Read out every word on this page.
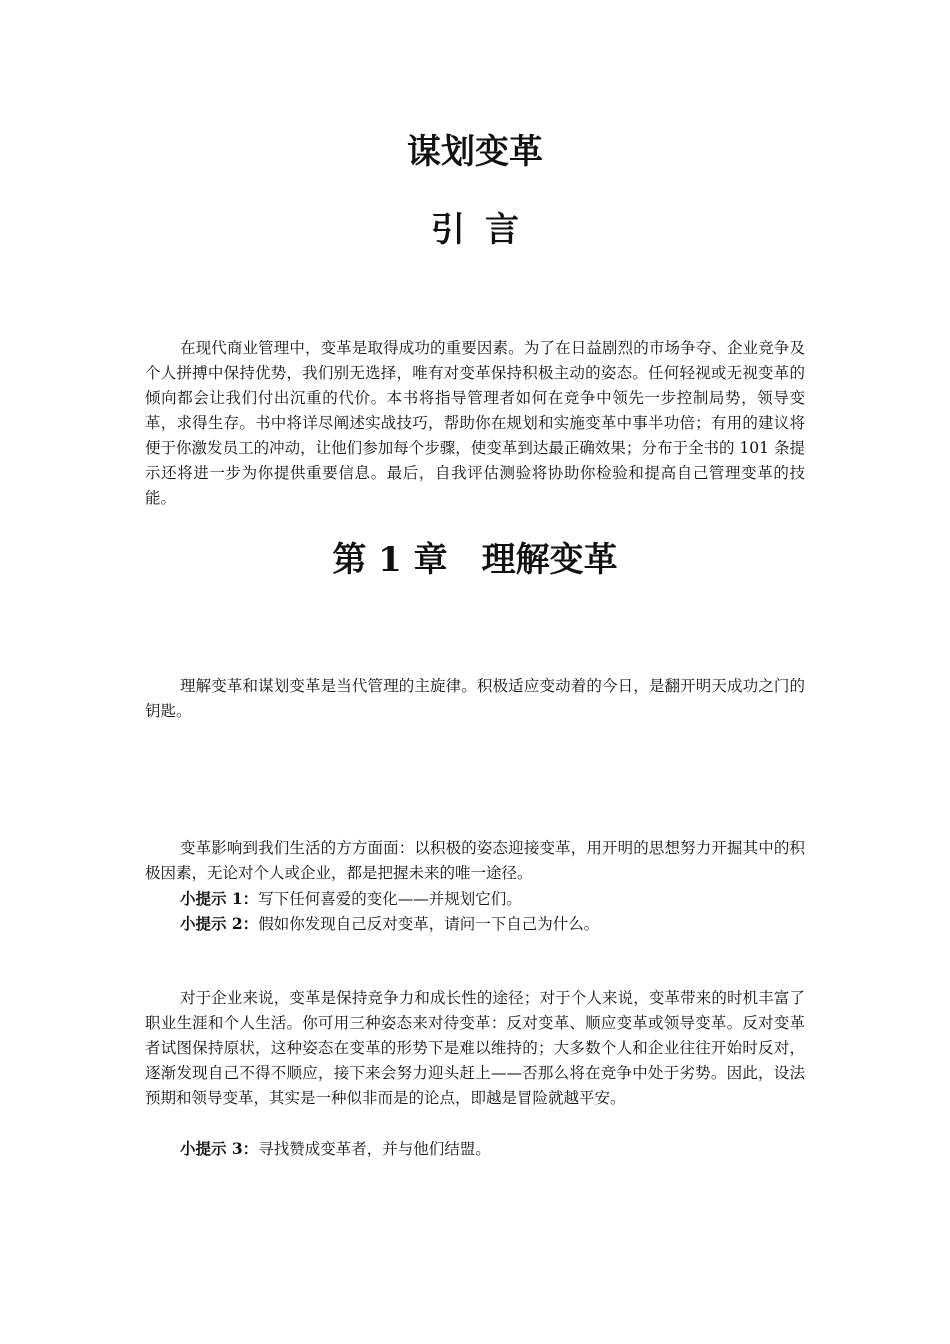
谋划变革
引言

在现代商业管理中，变革是取得成功的重要因素。为了在日益剧烈的市场争夺、企业竞争及个人拼搏中保持优势，我们别无选择，唯有对变革保持积极主动的姿态。任何轻视或无视变革的倾向都会让我们付出沉重的代价。本书将指导管理者如何在竞争中领先一步控制局势，领导变革，求得生存。书中将详尽阐述实战技巧，帮助你在规划和实施变革中事半功倍；有用的建议将便于你激发员工的冲动，让他们参加每个步骤，使变革到达最正确效果；分布于全书的 101 条提示还将进一步为你提供重要信息。最后，自我评估测验将协助你检验和提高自己管理变革的技能。

第 1 章　理解变革

理解变革和谋划变革是当代管理的主旋律。积极适应变动着的今日，是翻开明天成功之门的钥匙。

变革影响到我们生活的方方面面：以积极的姿态迎接变革，用开明的思想努力开掘其中的积极因素，无论对个人或企业，都是把握未来的唯一途径。

小提示 1：写下任何喜爱的变化——并规划它们。

小提示 2：假如你发现自己反对变革，请问一下自己为什么。

对于企业来说，变革是保持竞争力和成长性的途径；对于个人来说，变革带来的时机丰富了职业生涯和个人生活。你可用三种姿态来对待变革：反对变革、顺应变革或领导变革。反对变革者试图保持原状，这种姿态在变革的形势下是难以维持的；大多数个人和企业往往开始时反对，逐渐发现自己不得不顺应，接下来会努力迎头赶上——否那么将在竞争中处于劣势。因此，设法预期和领导变革，其实是一种似非而是的论点，即越是冒险就越平安。

小提示 3：寻找赞成变革者，并与他们结盟。
